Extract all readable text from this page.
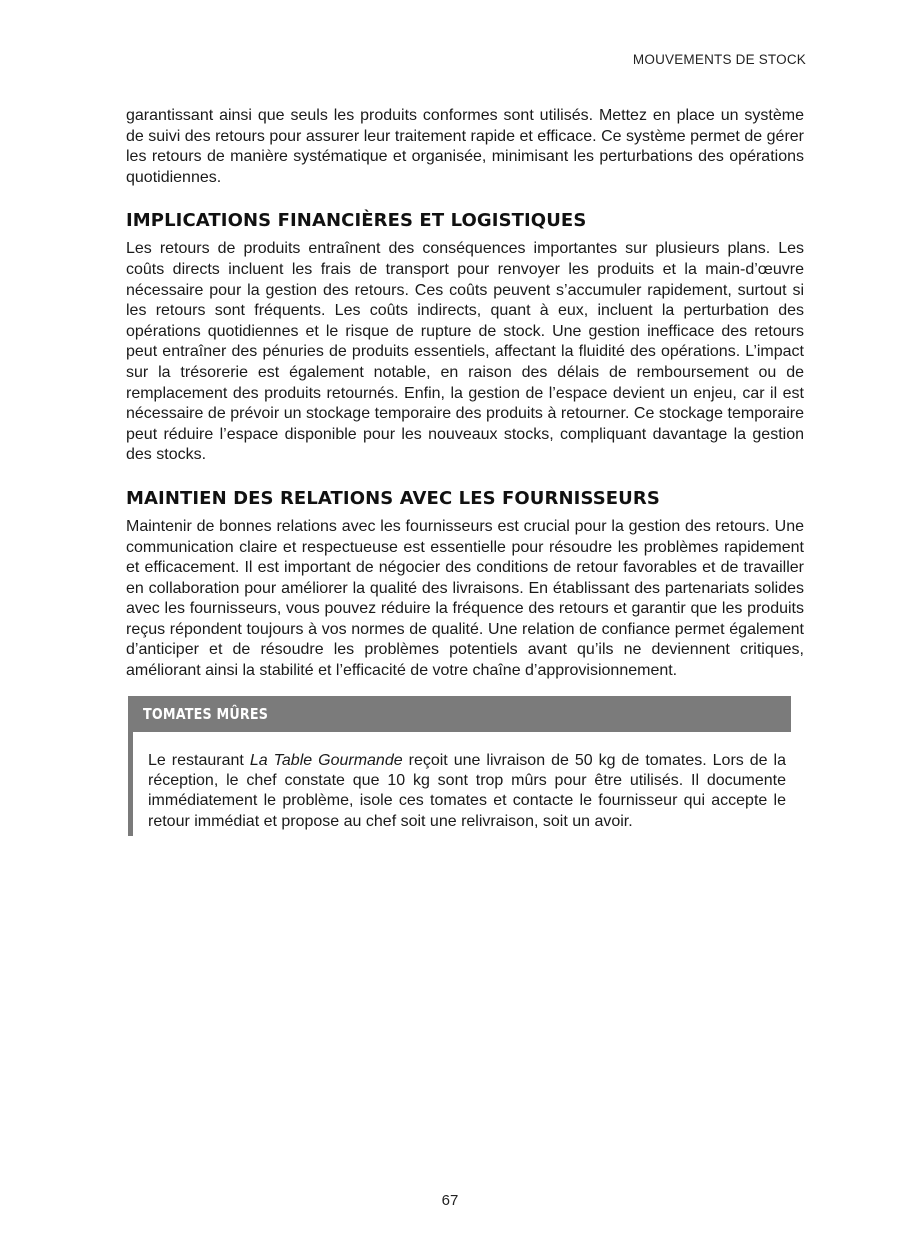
MOUVEMENTS DE STOCK

garantissant ainsi que seuls les produits conformes sont utilisés. Mettez en place un système de suivi des retours pour assurer leur traitement rapide et efficace. Ce système permet de gérer les retours de manière systématique et organisée, minimisant les perturbations des opérations quotidiennes.

IMPLICATIONS FINANCIÈRES ET LOGISTIQUES

Les retours de produits entraînent des conséquences importantes sur plusieurs plans. Les coûts directs incluent les frais de transport pour renvoyer les produits et la main-d’œuvre nécessaire pour la gestion des retours. Ces coûts peuvent s’accumuler rapidement, surtout si les retours sont fréquents. Les coûts indirects, quant à eux, incluent la perturbation des opérations quotidiennes et le risque de rupture de stock. Une gestion inefficace des retours peut entraîner des pénuries de produits essentiels, affectant la fluidité des opérations. L’impact sur la trésorerie est également notable, en raison des délais de remboursement ou de remplacement des produits retournés. Enfin, la gestion de l’espace devient un enjeu, car il est nécessaire de prévoir un stockage temporaire des produits à retourner. Ce stockage temporaire peut réduire l’espace disponible pour les nouveaux stocks, compliquant davantage la gestion des stocks.

MAINTIEN DES RELATIONS AVEC LES FOURNISSEURS

Maintenir de bonnes relations avec les fournisseurs est crucial pour la gestion des retours. Une communication claire et respectueuse est essentielle pour résoudre les problèmes rapidement et efficacement. Il est important de négocier des conditions de retour favorables et de travailler en collaboration pour améliorer la qualité des livraisons. En établissant des partenariats solides avec les fournisseurs, vous pouvez réduire la fréquence des retours et garantir que les produits reçus répondent toujours à vos normes de qualité. Une relation de confiance permet également d’anticiper et de résoudre les problèmes potentiels avant qu’ils ne deviennent critiques, améliorant ainsi la stabilité et l’efficacité de votre chaîne d’approvisionnement.

TOMATES MÛRES

Le restaurant La Table Gourmande reçoit une livraison de 50 kg de tomates. Lors de la réception, le chef constate que 10 kg sont trop mûrs pour être utilisés. Il documente immédiatement le problème, isole ces tomates et contacte le fournisseur qui accepte le retour immédiat et propose au chef soit une relivraison, soit un avoir.

67
